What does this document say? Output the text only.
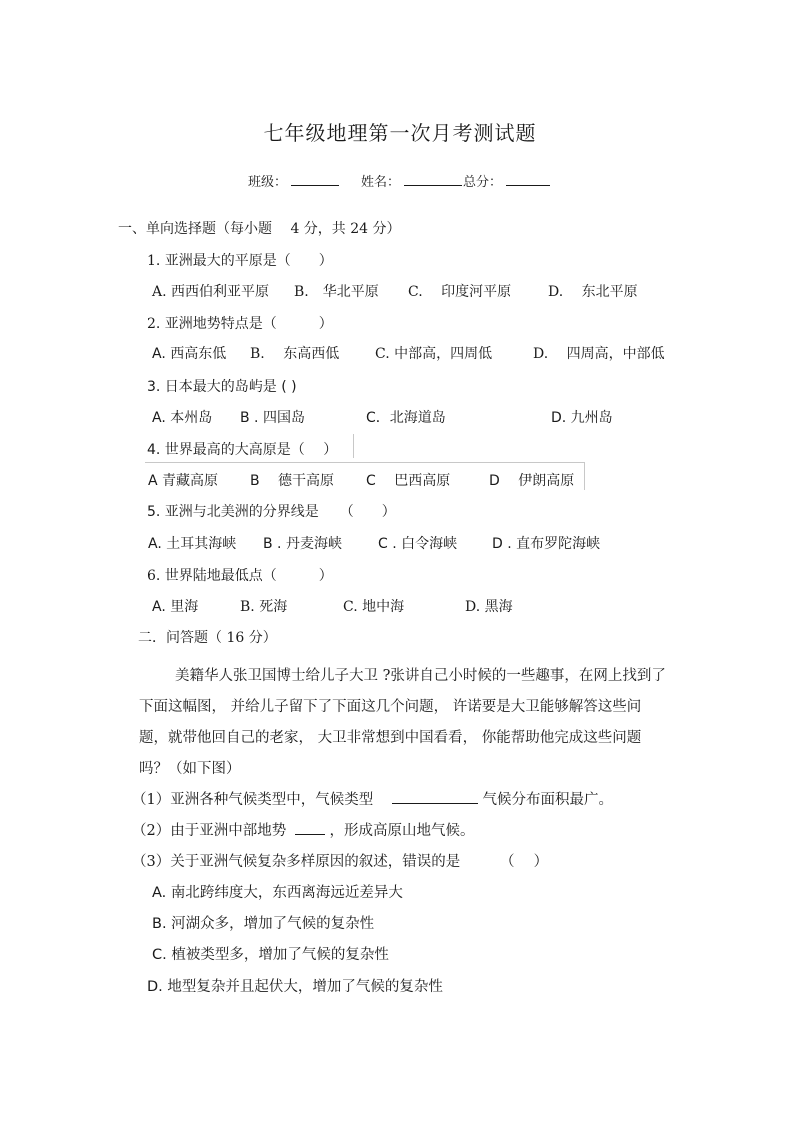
七年级地理第一次月考测试题
班级：	姓名：	总分：
一、单向选择题（每小题　 4 分，共 24 分）
1. 亚洲最大的平原是（　　）
A. 西西伯利亚平原 B.　华北平原 C.　 印度河平原	D.　 东北平原
2. 亚洲地势特点是（　　　）
A. 西高东低 B.　 东高西低	C. 中部高，四周低	D.　 四周高，中部低
3. 日本最大的岛屿是 ( )
A. 本州岛 B . 四国岛	C．北海道岛	D. 九州岛
4. 世界最高的大高原是（　 ）
A 青藏高原 B　 德干高原 C　 巴西高原	D　 伊朗高原
5. 亚洲与北美洲的分界线是　　（　　）
A. 土耳其海峡 B . 丹麦海峡	C . 白令海峡 D . 直布罗陀海峡
6. 世界陆地最低点（　　　）
A. 里海	B. 死海	C. 地中海	D. 黑海
二．问答题（ 16 分）
美籍华人张卫国博士给儿子大卫 ?张讲自己小时候的一些趣事，在网上找到了
下面这幅图， 并给儿子留下了下面这几个问题， 许诺要是大卫能够解答这些问
题，就带他回自己的老家， 大卫非常想到中国看看， 你能帮助他完成这些问题
吗？（如下图）
（1）亚洲各种气候类型中，气候类型	气候分布面积最广。
（2）由于亚洲中部地势	，形成高原山地气候。
（3）关于亚洲气候复杂多样原因的叙述，错误的是	（　 ）
A. 南北跨纬度大，东西离海远近差异大
B. 河湖众多，增加了气候的复杂性
C. 植被类型多，增加了气候的复杂性
D. 地型复杂并且起伏大，增加了气候的复杂性
